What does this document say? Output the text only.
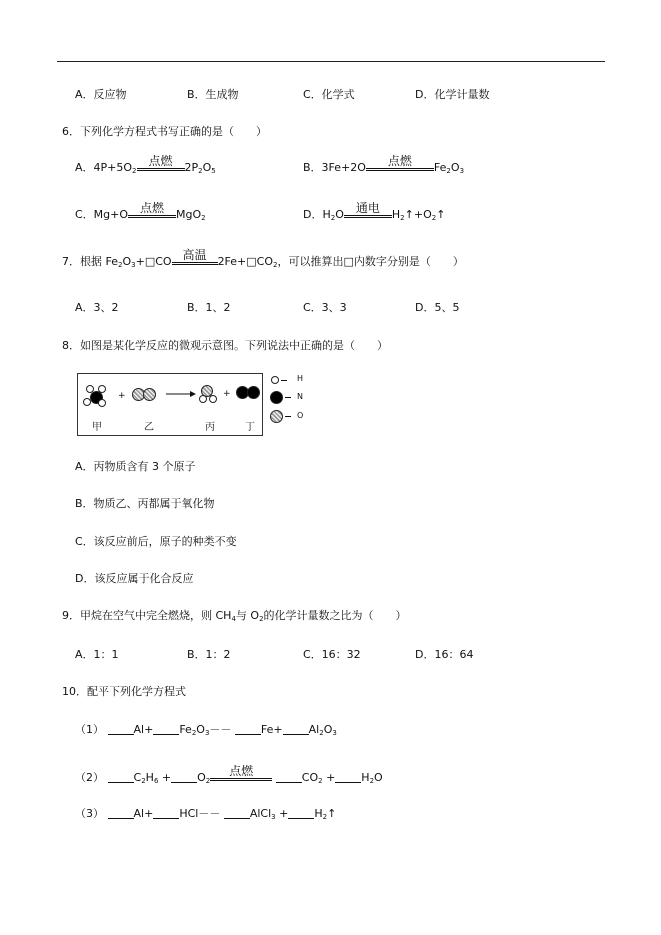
A．反应物	B．生成物	C．化学式	D．化学计量数
6．下列化学方程式书写正确的是（　　）
A．$4P+5O_2$
点燃	$2P_2O_5$	B．3Fe+2O	点燃	$Fe_2O_3$
C．Mg+O 点燃	MgO$_2$	D．$H_2O$ 通电	$H_2↑+O_2↑$
7．根据 $Fe_2O_3+□CO$ 高温	$2Fe+□CO_2$，可以推算出□内数字分别是（　　）
A．3、2	B．1、2	C．3、3	D．5、5
8．如图是某化学反应的微观示意图。下列说法中正确的是（　　）
+	+
甲	乙	丙	丁
H
N
O
A．丙物质含有 3 个原子
B．物质乙、丙都属于氧化物
C．该反应前后，原子的种类不变
D．该反应属于化合反应
9．甲烷在空气中完全燃烧，则 $CH_4$与 $O_2$的化学计量数之比为（　　）
A．1：1	B．1：2	C．16：32	D．16：64
10．配平下列化学方程式
（1）	$Al+ Fe_2O_3--$	$Fe+ Al_2O_3$
（2）	$C_2H_6 + O_2$
点燃	$CO_2 + H_2O$
（3）	Al+ HCl－－	AlCl$_3$ + $H_2↑$
